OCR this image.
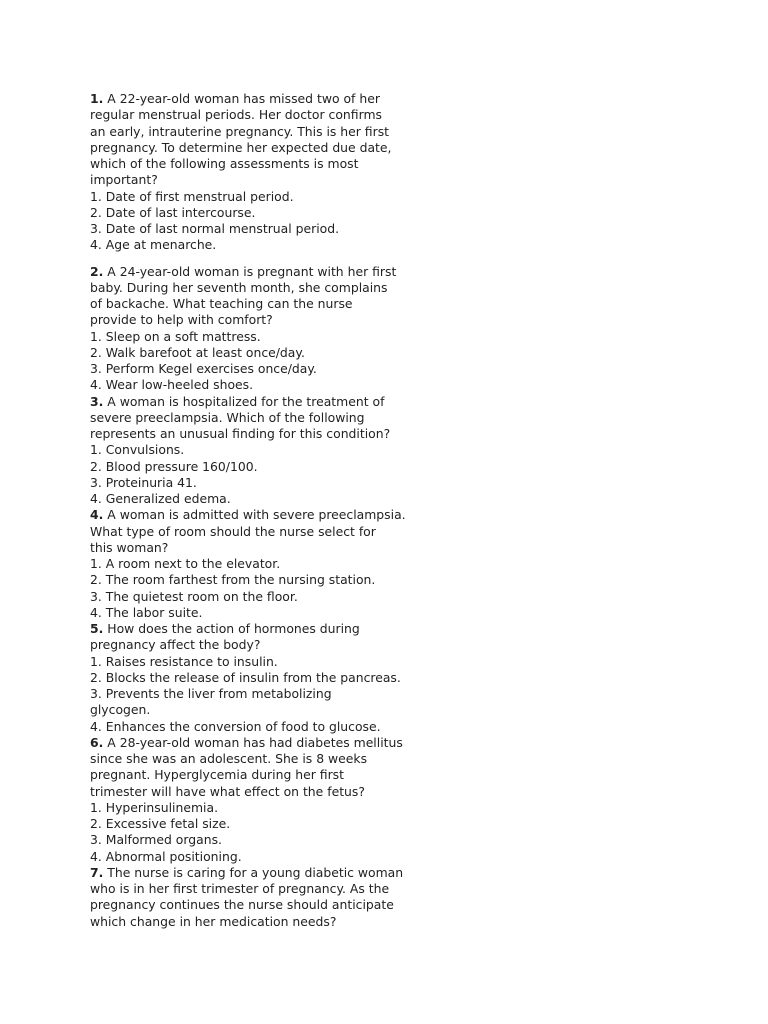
1. A 22-year-old woman has missed two of her
regular menstrual periods. Her doctor confirms
an early, intrauterine pregnancy. This is her first
pregnancy. To determine her expected due date,
which of the following assessments is most
important?
1. Date of first menstrual period.
2. Date of last intercourse.
3. Date of last normal menstrual period.
4. Age at menarche.
2. A 24-year-old woman is pregnant with her first
baby. During her seventh month, she complains
of backache. What teaching can the nurse
provide to help with comfort?
1. Sleep on a soft mattress.
2. Walk barefoot at least once/day.
3. Perform Kegel exercises once/day.
4. Wear low-heeled shoes.
3. A woman is hospitalized for the treatment of
severe preeclampsia. Which of the following
represents an unusual finding for this condition?
1. Convulsions.
2. Blood pressure 160/100.
3. Proteinuria 41.
4. Generalized edema.
4. A woman is admitted with severe preeclampsia.
What type of room should the nurse select for
this woman?
1. A room next to the elevator.
2. The room farthest from the nursing station.
3. The quietest room on the floor.
4. The labor suite.
5. How does the action of hormones during
pregnancy affect the body?
1. Raises resistance to insulin.
2. Blocks the release of insulin from the pancreas.
3. Prevents the liver from metabolizing
glycogen.
4. Enhances the conversion of food to glucose.
6. A 28-year-old woman has had diabetes mellitus
since she was an adolescent. She is 8 weeks
pregnant. Hyperglycemia during her first
trimester will have what effect on the fetus?
1. Hyperinsulinemia.
2. Excessive fetal size.
3. Malformed organs.
4. Abnormal positioning.
7. The nurse is caring for a young diabetic woman
who is in her first trimester of pregnancy. As the
pregnancy continues the nurse should anticipate
which change in her medication needs?
